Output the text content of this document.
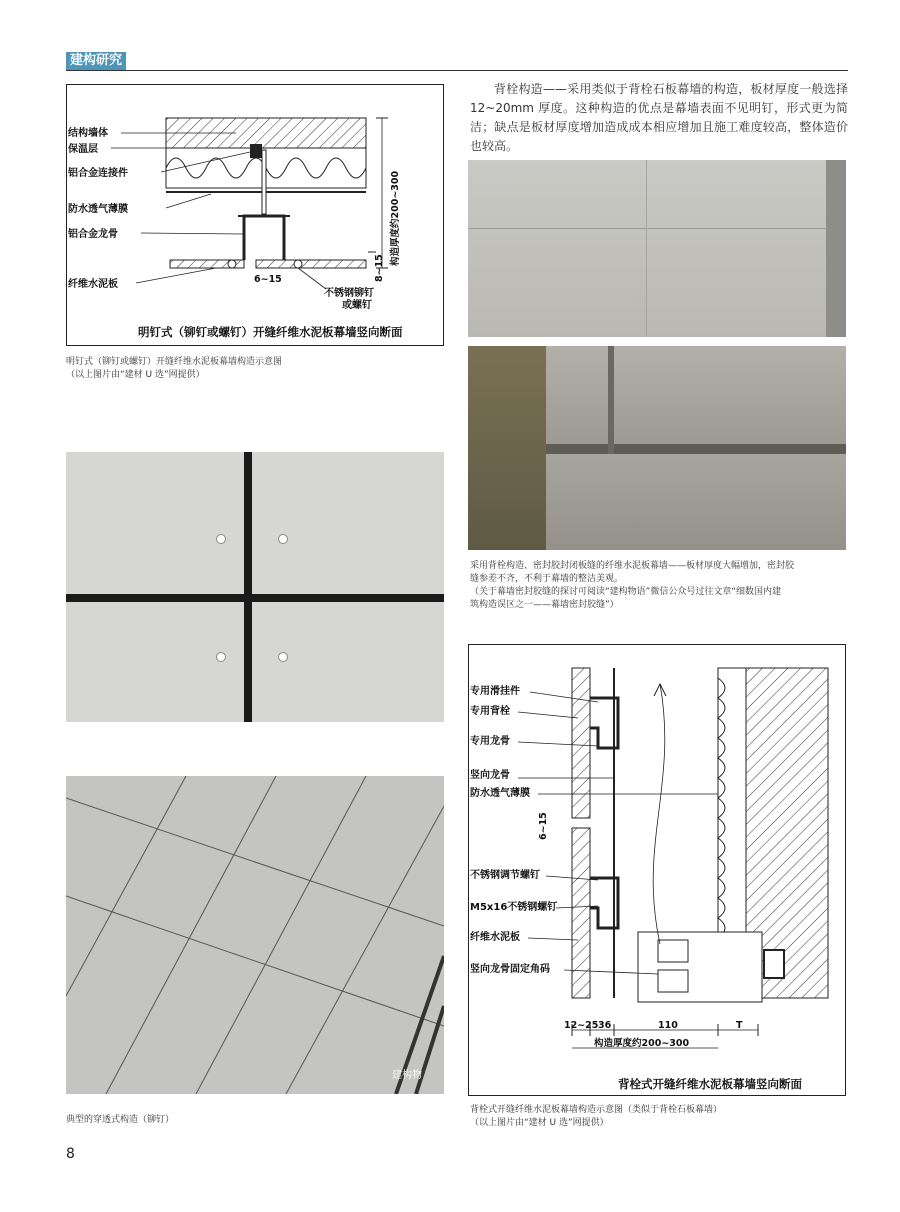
建构研究
结构墙体
保温层
铝合金连接件
防水透气薄膜
铝合金龙骨
纤维水泥板
不锈钢铆钉
或螺钉
6~15	8~15
构造厚度约200~300
明钉式（铆钉或螺钉）开缝纤维水泥板幕墙竖向断面
明钉式（铆钉或螺钉）开缝纤维水泥板幕墙构造示意图
（以上图片由“建材 U 选”网提供）
背栓构造——采用类似于背栓石板幕墙的构造，板材厚度一般选择 12~20mm 厚度。这种构造的优点是幕墙表面不见明钉，形式更为简洁；缺点是板材厚度增加造成成本相应增加且施工难度较高，整体造价也较高。
采用背栓构造、密封胶封闭板缝的纤维水泥板幕墙——板材厚度大幅增加，密封胶
缝参差不齐，不利于幕墙的整洁美观。
（关于幕墙密封胶缝的探讨可阅读“建构物语”微信公众号过往文章“细数国内建
筑构造误区之一——幕墙密封胶缝”）
建构物
典型的穿透式构造（铆钉）
专用滑挂件
专用背栓
专用龙骨
竖向龙骨
防水透气薄膜
不锈钢调节螺钉
M5x16不锈钢螺钉
纤维水泥板
竖向龙骨固定角码
6~15
12~25 36	110	T
构造厚度约200~300
背栓式开缝纤维水泥板幕墙竖向断面
背栓式开缝纤维水泥板幕墙构造示意图（类似于背栓石板幕墙）
（以上图片由“建材 U 选”网提供）
8
